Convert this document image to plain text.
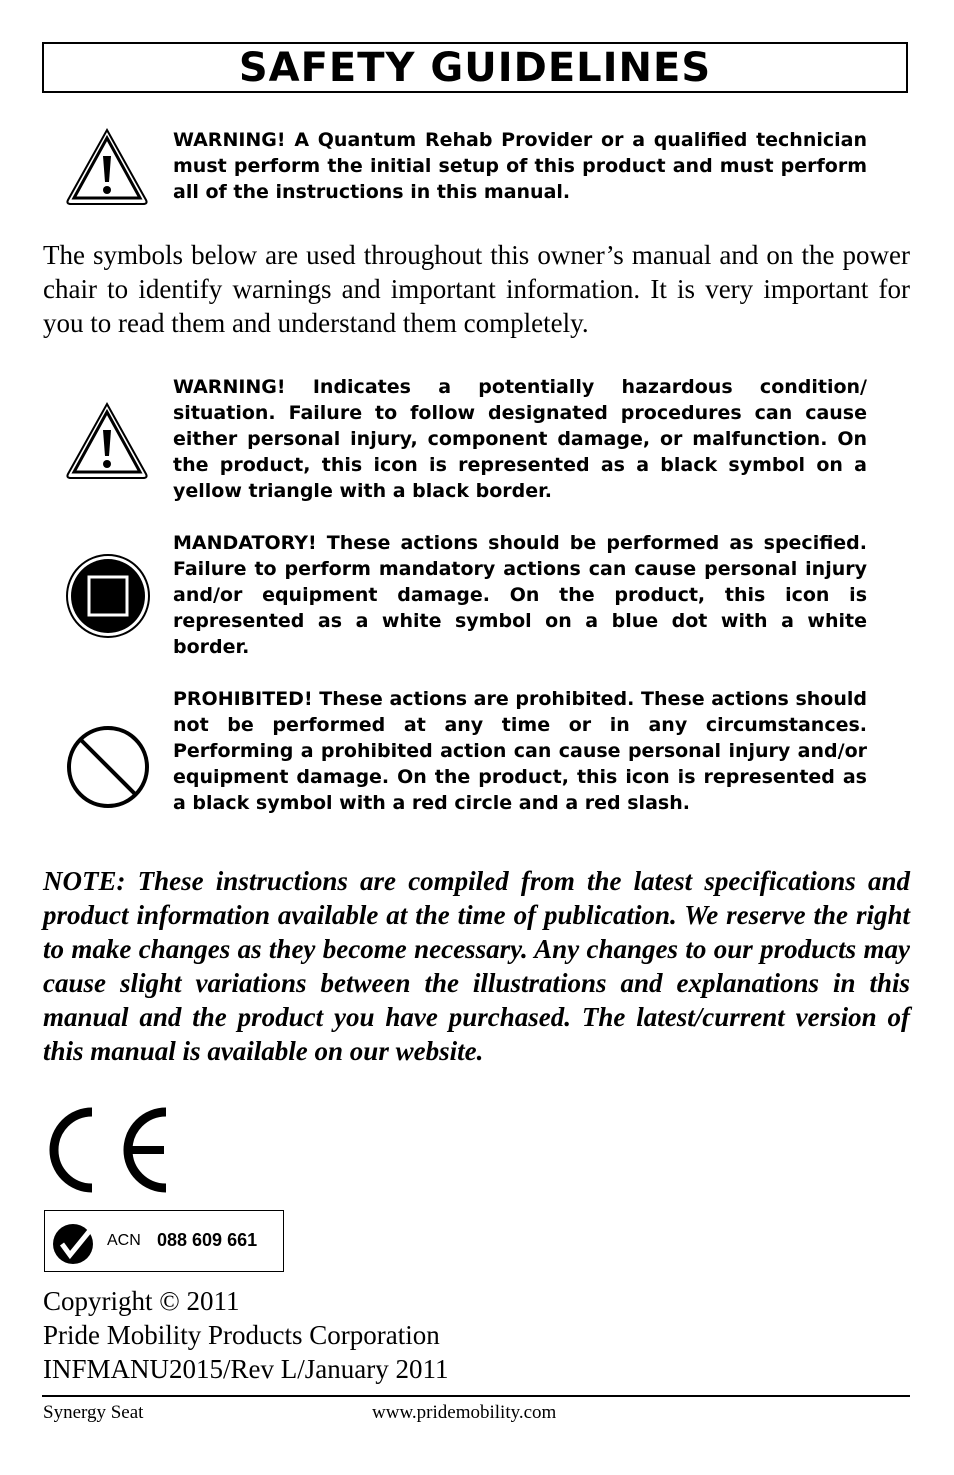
SAFETY GUIDELINES

WARNING! A Quantum Rehab Provider or a qualified technician must perform the initial setup of this product and must perform all of the instructions in this manual.

The symbols below are used throughout this owner’s manual and on the power chair to identify warnings and important information. It is very important for you to read them and understand them completely.

WARNING! Indicates a potentially hazardous condition/ situation. Failure to follow designated procedures can cause either personal injury, component damage, or malfunction. On the product, this icon is represented as a black symbol on a yellow triangle with a black border.

MANDATORY! These actions should be performed as specified. Failure to perform mandatory actions can cause personal injury and/or equipment damage. On the product, this icon is represented as a white symbol on a blue dot with a white border.

PROHIBITED! These actions are prohibited. These actions should not be performed at any time or in any circumstances. Performing a prohibited action can cause personal injury and/or equipment damage. On the product, this icon is represented as a black symbol with a red circle and a red slash.

NOTE: These instructions are compiled from the latest specifications and product information available at the time of publication. We reserve the right to make changes as they become necessary. Any changes to our products may cause slight variations between the illustrations and explanations in this manual and the product you have purchased. The latest/current version of this manual is available on our website.

ACN 088 609 661
Copyright © 2011
Pride Mobility Products Corporation
INFMANU2015/Rev L/January 2011
Synergy Seat	www.pridemobility.com
